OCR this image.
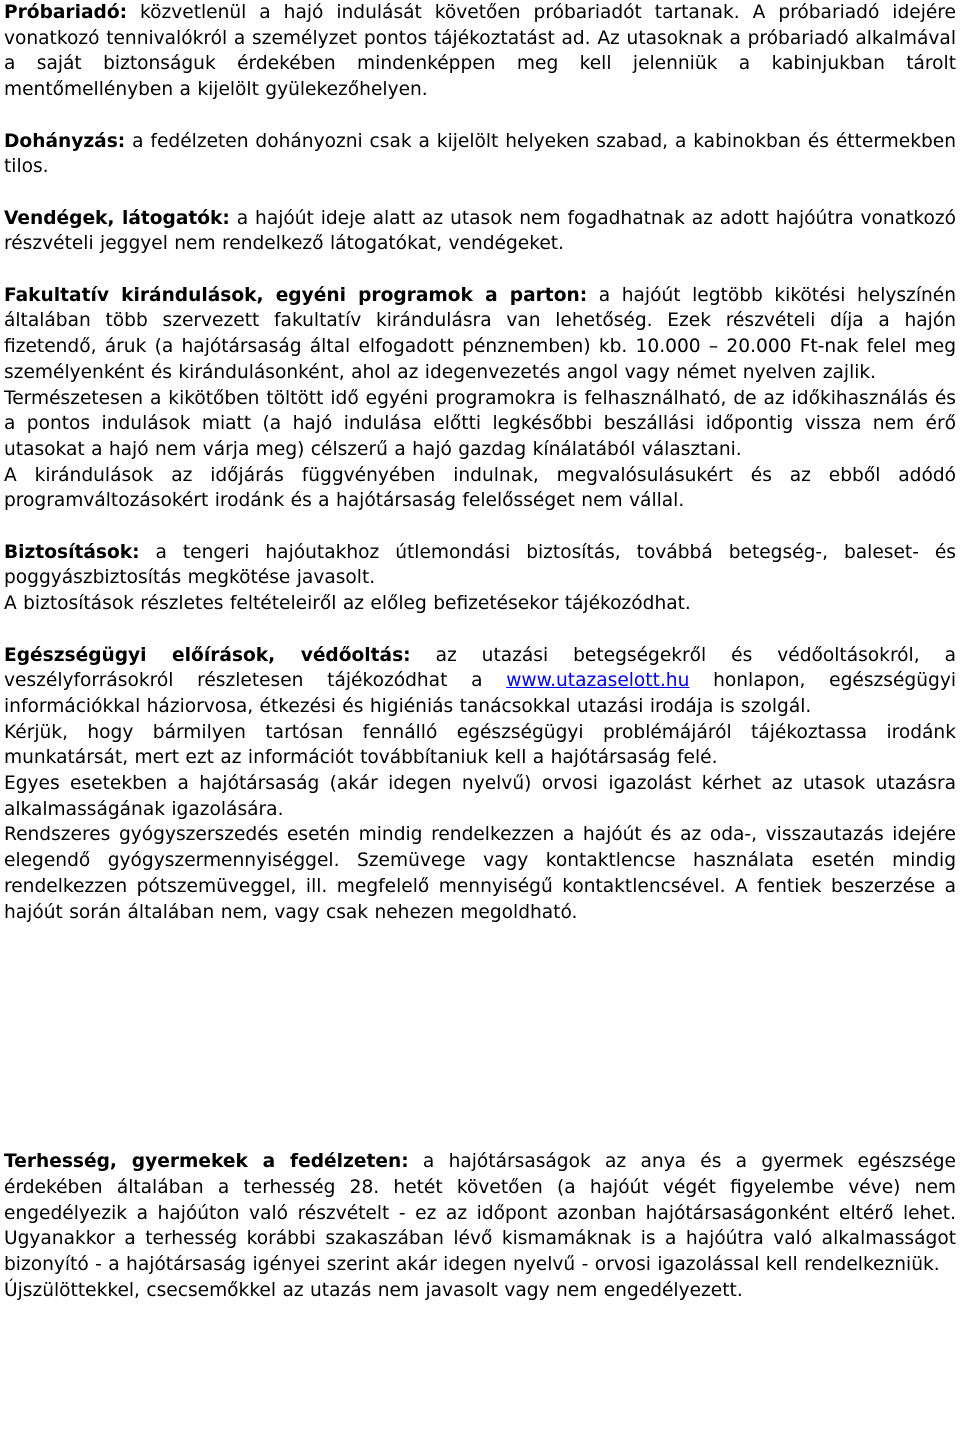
Próbariadó: közvetlenül a hajó indulását követően próbariadót tartanak. A próbariadó idejére vonatkozó tennivalókról a személyzet pontos tájékoztatást ad. Az utasoknak a próbariadó alkalmával a saját biztonságuk érdekében mindenképpen meg kell jelenniük a kabinjukban tárolt mentőmellényben a kijelölt gyülekezőhelyen.

Dohányzás: a fedélzeten dohányozni csak a kijelölt helyeken szabad, a kabinokban és éttermekben tilos.

Vendégek, látogatók: a hajóút ideje alatt az utasok nem fogadhatnak az adott hajóútra vonatkozó részvételi jeggyel nem rendelkező látogatókat, vendégeket.

Fakultatív kirándulások, egyéni programok a parton: a hajóút legtöbb kikötési helyszínén általában több szervezett fakultatív kirándulásra van lehetőség. Ezek részvételi díja a hajón fizetendő, áruk (a hajótársaság által elfogadott pénznemben) kb. 10.000 – 20.000 Ft-nak felel meg személyenként és kirándulásonként, ahol az idegenvezetés angol vagy német nyelven zajlik.

Természetesen a kikötőben töltött idő egyéni programokra is felhasználható, de az időkihasználás és a pontos indulások miatt (a hajó indulása előtti legkésőbbi beszállási időpontig vissza nem érő utasokat a hajó nem várja meg) célszerű a hajó gazdag kínálatából választani.

A kirándulások az időjárás függvényében indulnak, megvalósulásukért és az ebből adódó programváltozásokért irodánk és a hajótársaság felelősséget nem vállal.

Biztosítások: a tengeri hajóutakhoz útlemondási biztosítás, továbbá betegség-, baleset- és poggyászbiztosítás megkötése javasolt.

A biztosítások részletes feltételeiről az előleg befizetésekor tájékozódhat.

Egészségügyi előírások, védőoltás: az utazási betegségekről és védőoltásokról, a veszélyforrásokról részletesen tájékozódhat a www.utazaselott.hu honlapon, egészségügyi információkkal háziorvosa, étkezési és higiéniás tanácsokkal utazási irodája is szolgál.

Kérjük, hogy bármilyen tartósan fennálló egészségügyi problémájáról tájékoztassa irodánk munkatársát, mert ezt az információt továbbítaniuk kell a hajótársaság felé.

Egyes esetekben a hajótársaság (akár idegen nyelvű) orvosi igazolást kérhet az utasok utazásra alkalmasságának igazolására.

Rendszeres gyógyszerszedés esetén mindig rendelkezzen a hajóút és az oda-, visszautazás idejére elegendő gyógyszermennyiséggel. Szemüvege vagy kontaktlencse használata esetén mindig rendelkezzen pótszemüveggel, ill. megfelelő mennyiségű kontaktlencsével. A fentiek beszerzése a hajóút során általában nem, vagy csak nehezen megoldható.

Terhesség, gyermekek a fedélzeten: a hajótársaságok az anya és a gyermek egészsége érdekében általában a terhesség 28. hetét követően (a hajóút végét figyelembe véve) nem engedélyezik a hajóúton való részvételt - ez az időpont azonban hajótársaságonként eltérő lehet. Ugyanakkor a terhesség korábbi szakaszában lévő kismamáknak is a hajóútra való alkalmasságot bizonyító - a hajótársaság igényei szerint akár idegen nyelvű - orvosi igazolással kell rendelkezniük.

Újszülöttekkel, csecsemőkkel az utazás nem javasolt vagy nem engedélyezett.
